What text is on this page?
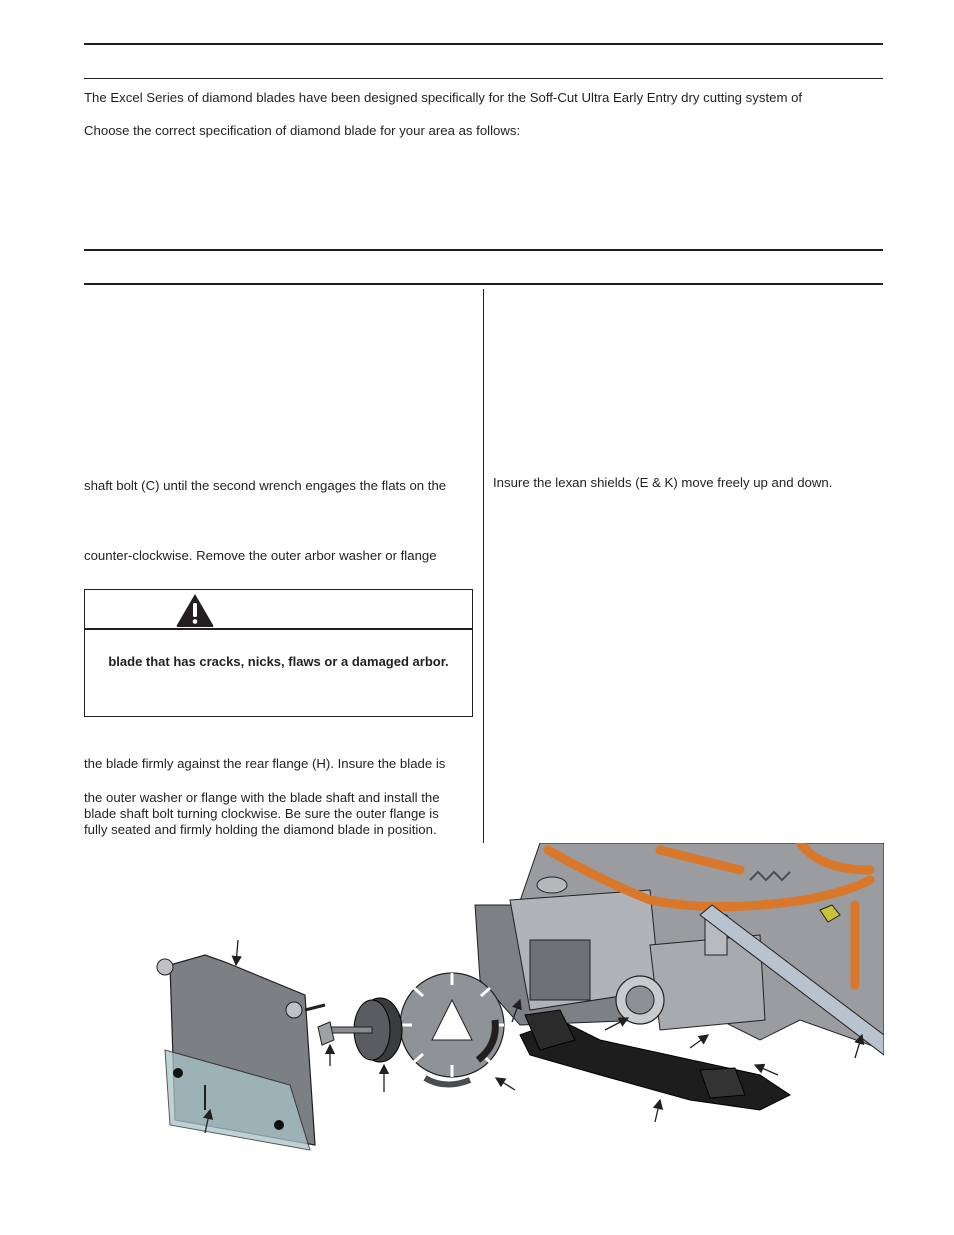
The Excel Series of diamond blades have been designed specifically for the Soff-Cut Ultra Early Entry dry cutting system of
Choose the correct specification of diamond blade for your area as follows:
shaft bolt (C) until the second wrench engages the flats on the
counter-clockwise. Remove the outer arbor washer or flange
blade that has cracks, nicks, flaws or a damaged arbor.
the blade firmly against the rear flange (H). Insure the blade is
the outer washer or flange with the blade shaft and install the
blade shaft bolt turning clockwise. Be sure the outer flange is
fully seated and firmly holding the diamond blade in position.
Insure the lexan shields (E & K) move freely up and down.
